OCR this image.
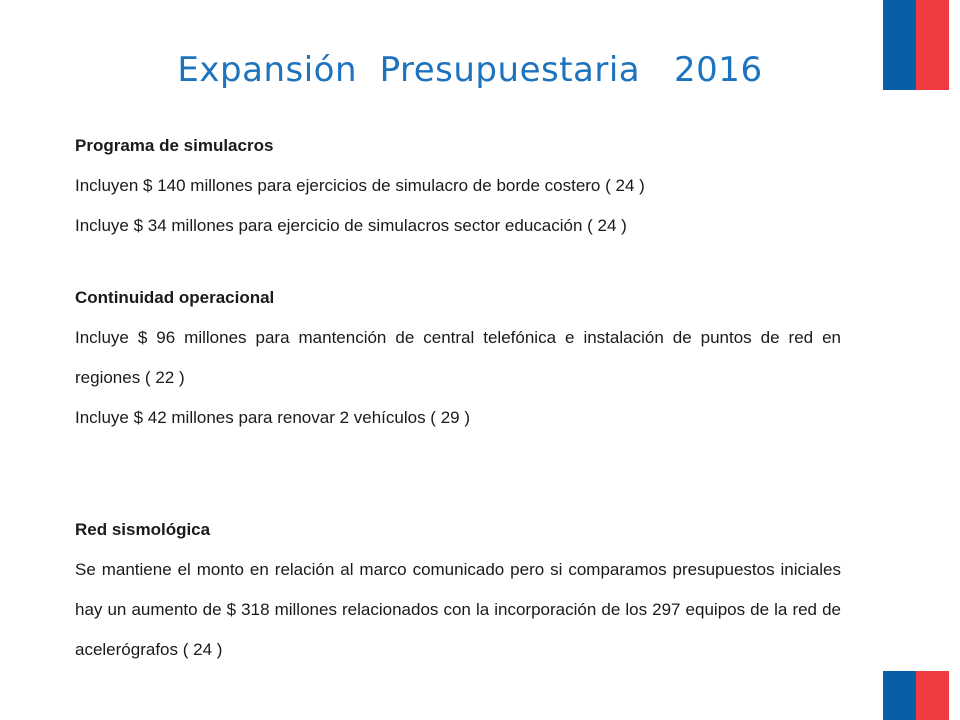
Expansión  Presupuestaria   2016

Programa de simulacros

Incluyen $ 140 millones para ejercicios de simulacro de borde costero ( 24 )

Incluye $ 34 millones para ejercicio de simulacros sector educación ( 24 )

Continuidad operacional

Incluye $ 96 millones para mantención de central telefónica e instalación de puntos de red en regiones ( 22 )

Incluye $ 42 millones para renovar 2 vehículos ( 29 )

Red sismológica

Se mantiene el monto en relación al marco comunicado pero si comparamos presupuestos iniciales hay un aumento de $ 318 millones relacionados con la incorporación de los 297 equipos de la red de acelerógrafos ( 24 )
